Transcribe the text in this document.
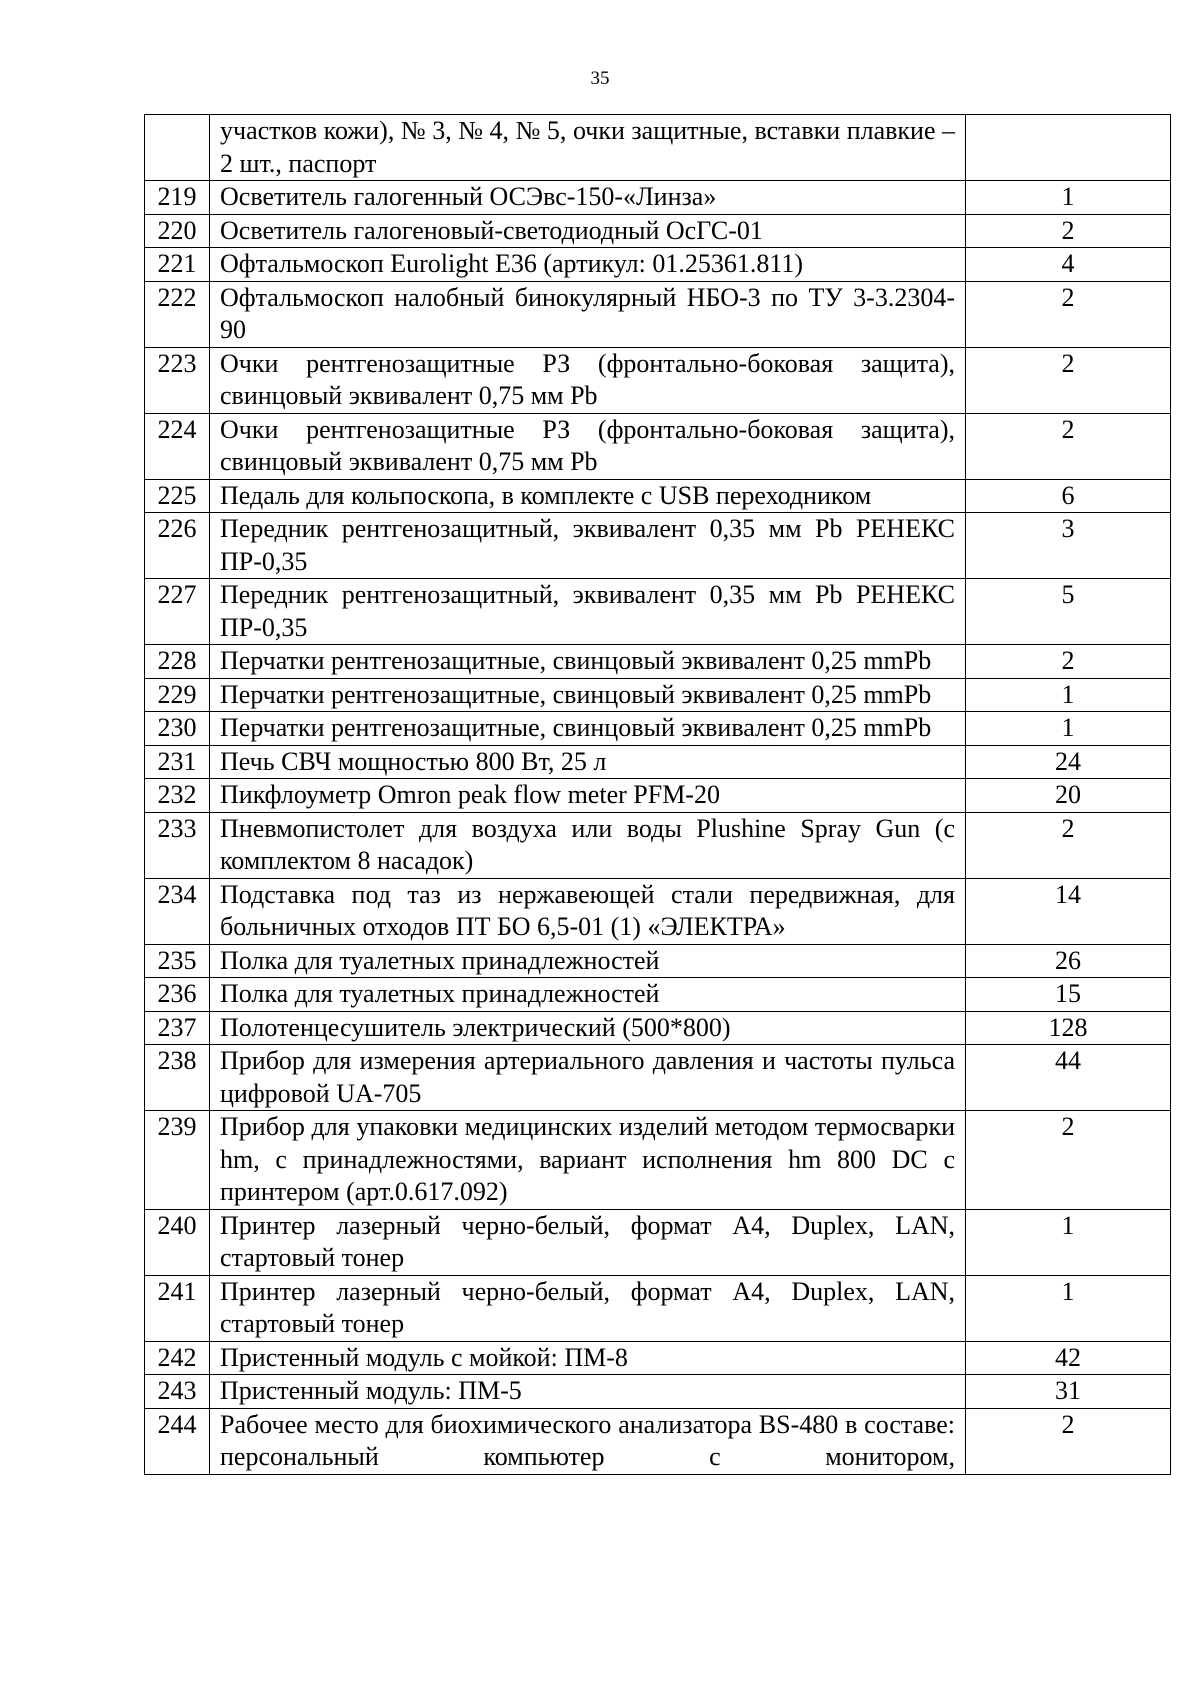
35
	участков кожи), № 3, № 4, № 5, очки защитные, вставки плавкие – 2 шт., паспорт	
219	Осветитель галогенный ОСЭвс-150-«Линза»	1
220	Осветитель галогеновый-светодиодный ОсГС-01	2
221	Офтальмоскоп Eurolight E36 (артикул: 01.25361.811)	4
222	Офтальмоскоп налобный бинокулярный НБО-3 по ТУ 3-3.2304-90	2
223	Очки рентгенозащитные РЗ (фронтально-боковая защита), свинцовый эквивалент 0,75 мм Pb	2
224	Очки рентгенозащитные РЗ (фронтально-боковая защита), свинцовый эквивалент 0,75 мм Pb	2
225	Педаль для кольпоскопа, в комплекте с USB переходником	6
226	Передник рентгенозащитный, эквивалент 0,35 мм Pb РЕНЕКС ПР-0,35	3
227	Передник рентгенозащитный, эквивалент 0,35 мм Pb РЕНЕКС ПР-0,35	5
228	Перчатки рентгенозащитные, свинцовый эквивалент 0,25 mmPb	2
229	Перчатки рентгенозащитные, свинцовый эквивалент 0,25 mmPb	1
230	Перчатки рентгенозащитные, свинцовый эквивалент 0,25 mmPb	1
231	Печь СВЧ мощностью 800 Вт, 25 л	24
232	Пикфлоуметр Omron peak flow meter PFM-20	20
233	Пневмопистолет для воздуха или воды Plushine Spray Gun (с комплектом 8 насадок)	2
234	Подставка под таз из нержавеющей стали передвижная, для больничных отходов ПТ БО 6,5-01 (1) «ЭЛЕКТРА»	14
235	Полка для туалетных принадлежностей	26
236	Полка для туалетных принадлежностей	15
237	Полотенцесушитель электрический (500*800)	128
238	Прибор для измерения артериального давления и частоты пульса цифровой UA-705	44
239	Прибор для упаковки медицинских изделий методом термосварки hm, с принадлежностями, вариант исполнения hm 800 DC с принтером (арт.0.617.092)	2
240	Принтер лазерный черно-белый, формат А4, Duplex, LAN, стартовый тонер	1
241	Принтер лазерный черно-белый, формат А4, Duplex, LAN, стартовый тонер	1
242	Пристенный модуль с мойкой: ПМ-8	42
243	Пристенный модуль: ПМ-5	31
244	Рабочее место для биохимического анализатора BS-480 в составе: персональный компьютер с монитором,	2
